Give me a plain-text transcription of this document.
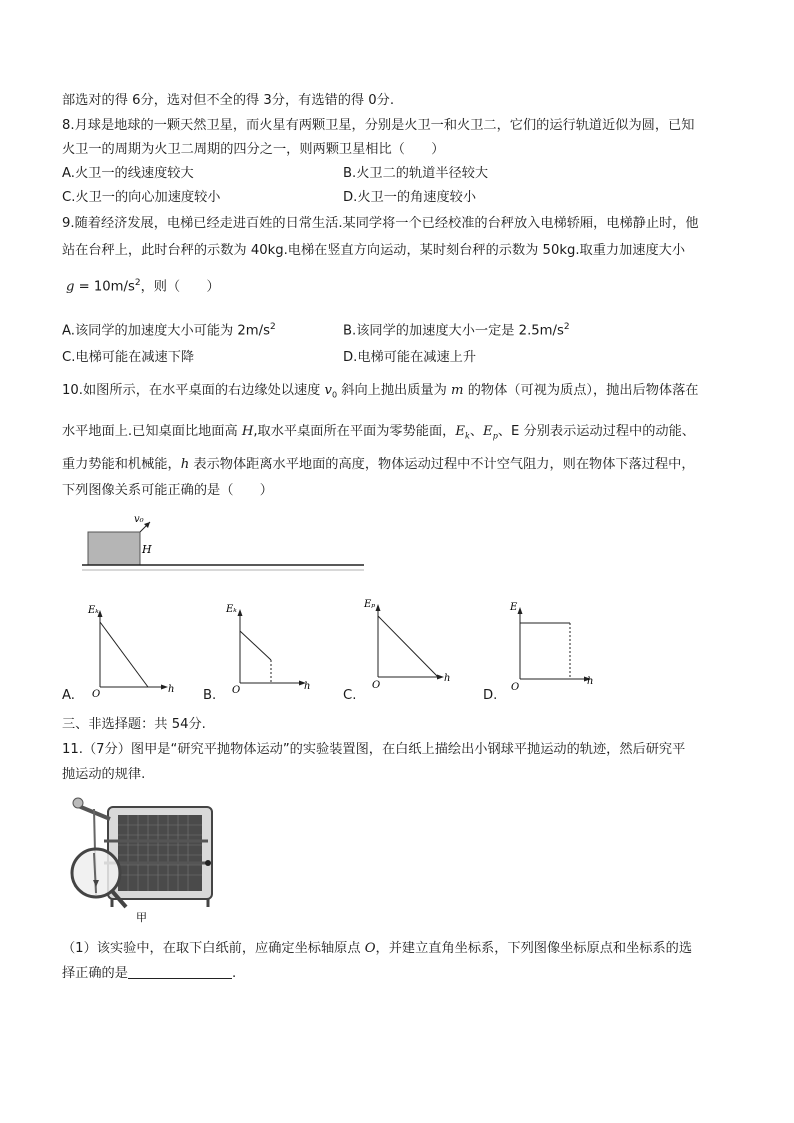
部选对的得 6分，选对但不全的得 3分，有选错的得 0分.
8.月球是地球的一颗天然卫星，而火星有两颗卫星，分别是火卫一和火卫二，它们的运行轨道近似为圆，已知
火卫一的周期为火卫二周期的四分之一，则两颗卫星相比（　　）
A.火卫一的线速度较大	B.火卫二的轨道半径较大
C.火卫一的向心加速度较小	D.火卫一的角速度较小
9.随着经济发展，电梯已经走进百姓的日常生活.某同学将一个已经校准的台秤放入电梯轿厢，电梯静止时，他
站在台秤上，此时台秤的示数为 40kg.电梯在竖直方向运动，某时刻台秤的示数为 50kg.取重力加速度大小
$g = 10m/s^2$，则（　　）
A.该同学的加速度大小可能为 $2m/s^2$	B.该同学的加速度大小一定是 $2.5m/s^2$
C.电梯可能在减速下降	D.电梯可能在减速上升
10.如图所示，在水平桌面的右边缘处以速度 $v_0$ 斜向上抛出质量为 m 的物体（可视为质点），抛出后物体落在
水平地面上.已知桌面比地面高 H,取水平桌面所在平面为零势能面，$E_k$、$E_p$、E 分别表示运动过程中的动能、
重力势能和机械能，h 表示物体距离水平地面的高度，物体运动过程中不计空气阻力，则在物体下落过程中，
下列图像关系可能正确的是（　　）
v₀
H
A.
Eₖ
O	h B.
Eₖ
O	h
C.
Eₚ
O
h
D.
E
O
h
三、非选择题：共 54分.
11.（7分）图甲是“研究平抛物体运动”的实验装置图，在白纸上描绘出小钢球平抛运动的轨迹，然后研究平
抛运动的规律.
甲
（1）该实验中，在取下白纸前，应确定坐标轴原点 O，并建立直角坐标系，下列图像坐标原点和坐标系的选
择正确的是	.
